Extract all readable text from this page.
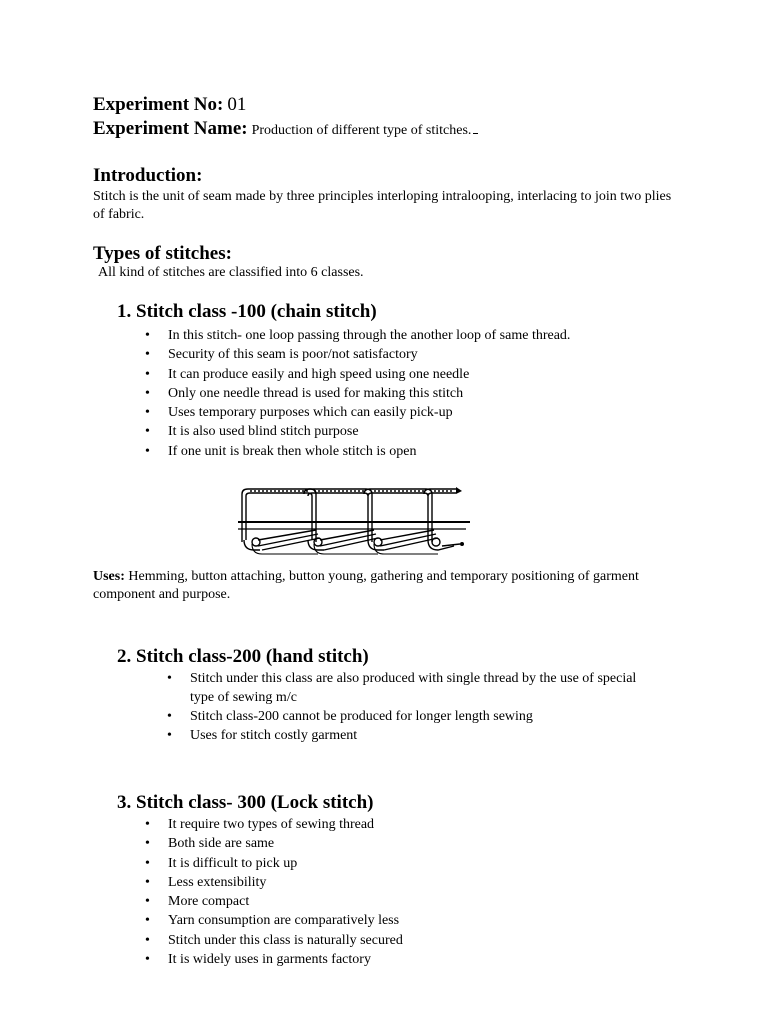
Experiment No: 01
Experiment Name: Production of different type of stitches.
Introduction:
Stitch is the unit of seam made by three principles interloping intralooping, interlacing to join two plies of fabric.
Types of stitches:
All kind of stitches are classified into 6 classes.
1. Stitch class -100 (chain stitch)
• In this stitch- one loop passing through the another loop of same thread.
• Security of this seam is poor/not satisfactory
• It can produce easily and high speed using one needle
• Only one needle thread is used for making this stitch
• Uses temporary purposes which can easily pick-up
• It is also used blind stitch purpose
• If one unit is break then whole stitch is open
Uses: Hemming, button attaching, button young, gathering and temporary positioning of garment component and purpose.
2. Stitch class-200 (hand stitch)
• Stitch under this class are also produced with single thread by the use of special type of sewing m/c
• Stitch class-200 cannot be produced for longer length sewing
• Uses for stitch costly garment
3. Stitch class- 300 (Lock stitch)
• It require two types of sewing thread
• Both side are same
• It is difficult to pick up
• Less extensibility
• More compact
• Yarn consumption are comparatively less
• Stitch under this class is naturally secured
• It is widely uses in garments factory
